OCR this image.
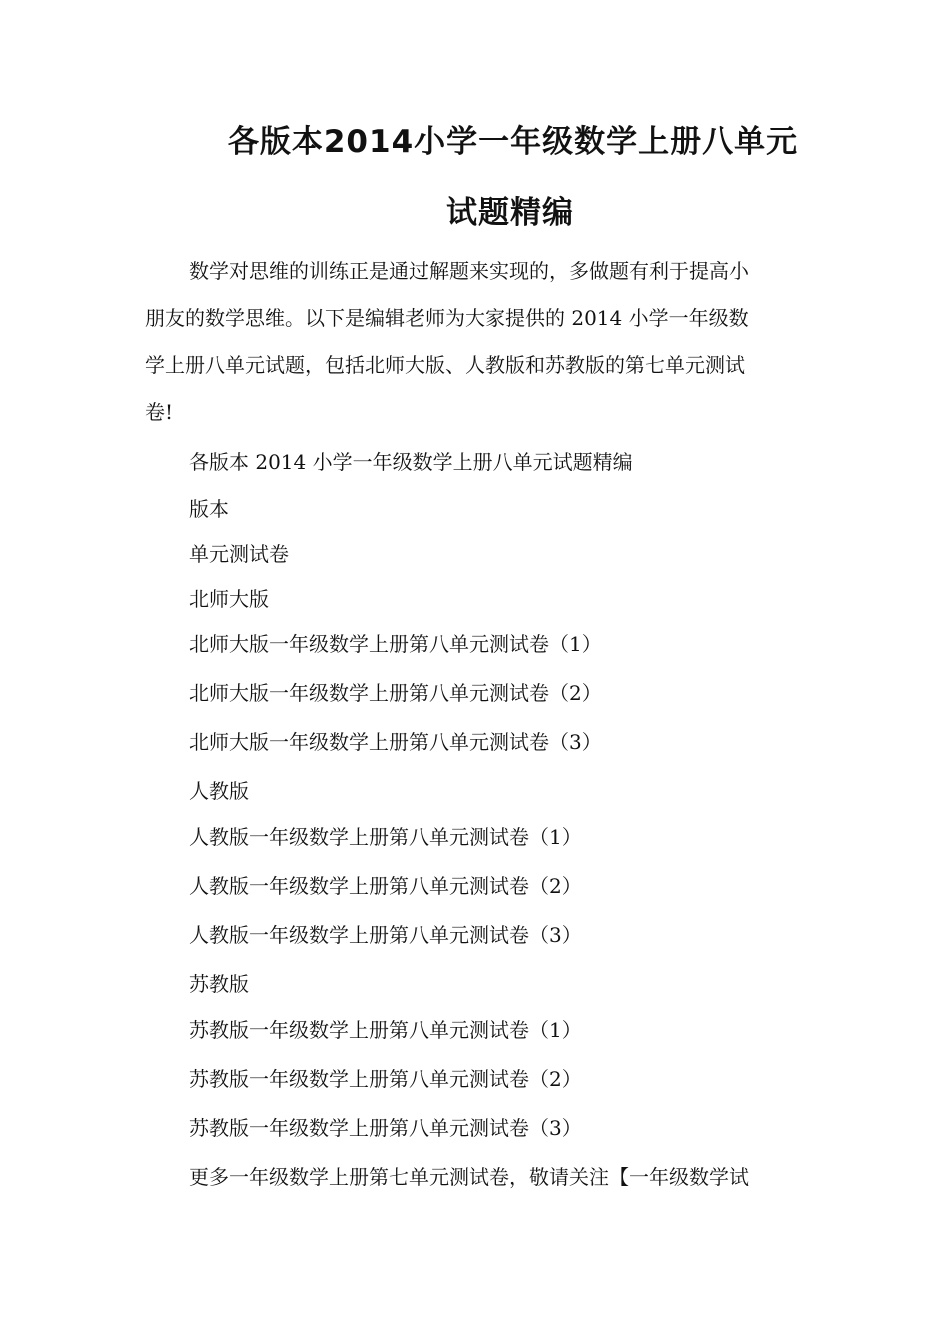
各版本2014小学一年级数学上册八单元
试题精编
数学对思维的训练正是通过解题来实现的，多做题有利于提高小
朋友的数学思维。以下是编辑老师为大家提供的 2014 小学一年级数
学上册八单元试题，包括北师大版、人教版和苏教版的第七单元测试
卷!
各版本 2014 小学一年级数学上册八单元试题精编
版本
单元测试卷
北师大版
北师大版一年级数学上册第八单元测试卷（1）
北师大版一年级数学上册第八单元测试卷（2）
北师大版一年级数学上册第八单元测试卷（3）
人教版
人教版一年级数学上册第八单元测试卷（1）
人教版一年级数学上册第八单元测试卷（2）
人教版一年级数学上册第八单元测试卷（3）
苏教版
苏教版一年级数学上册第八单元测试卷（1）
苏教版一年级数学上册第八单元测试卷（2）
苏教版一年级数学上册第八单元测试卷（3）
更多一年级数学上册第七单元测试卷，敬请关注【一年级数学试
